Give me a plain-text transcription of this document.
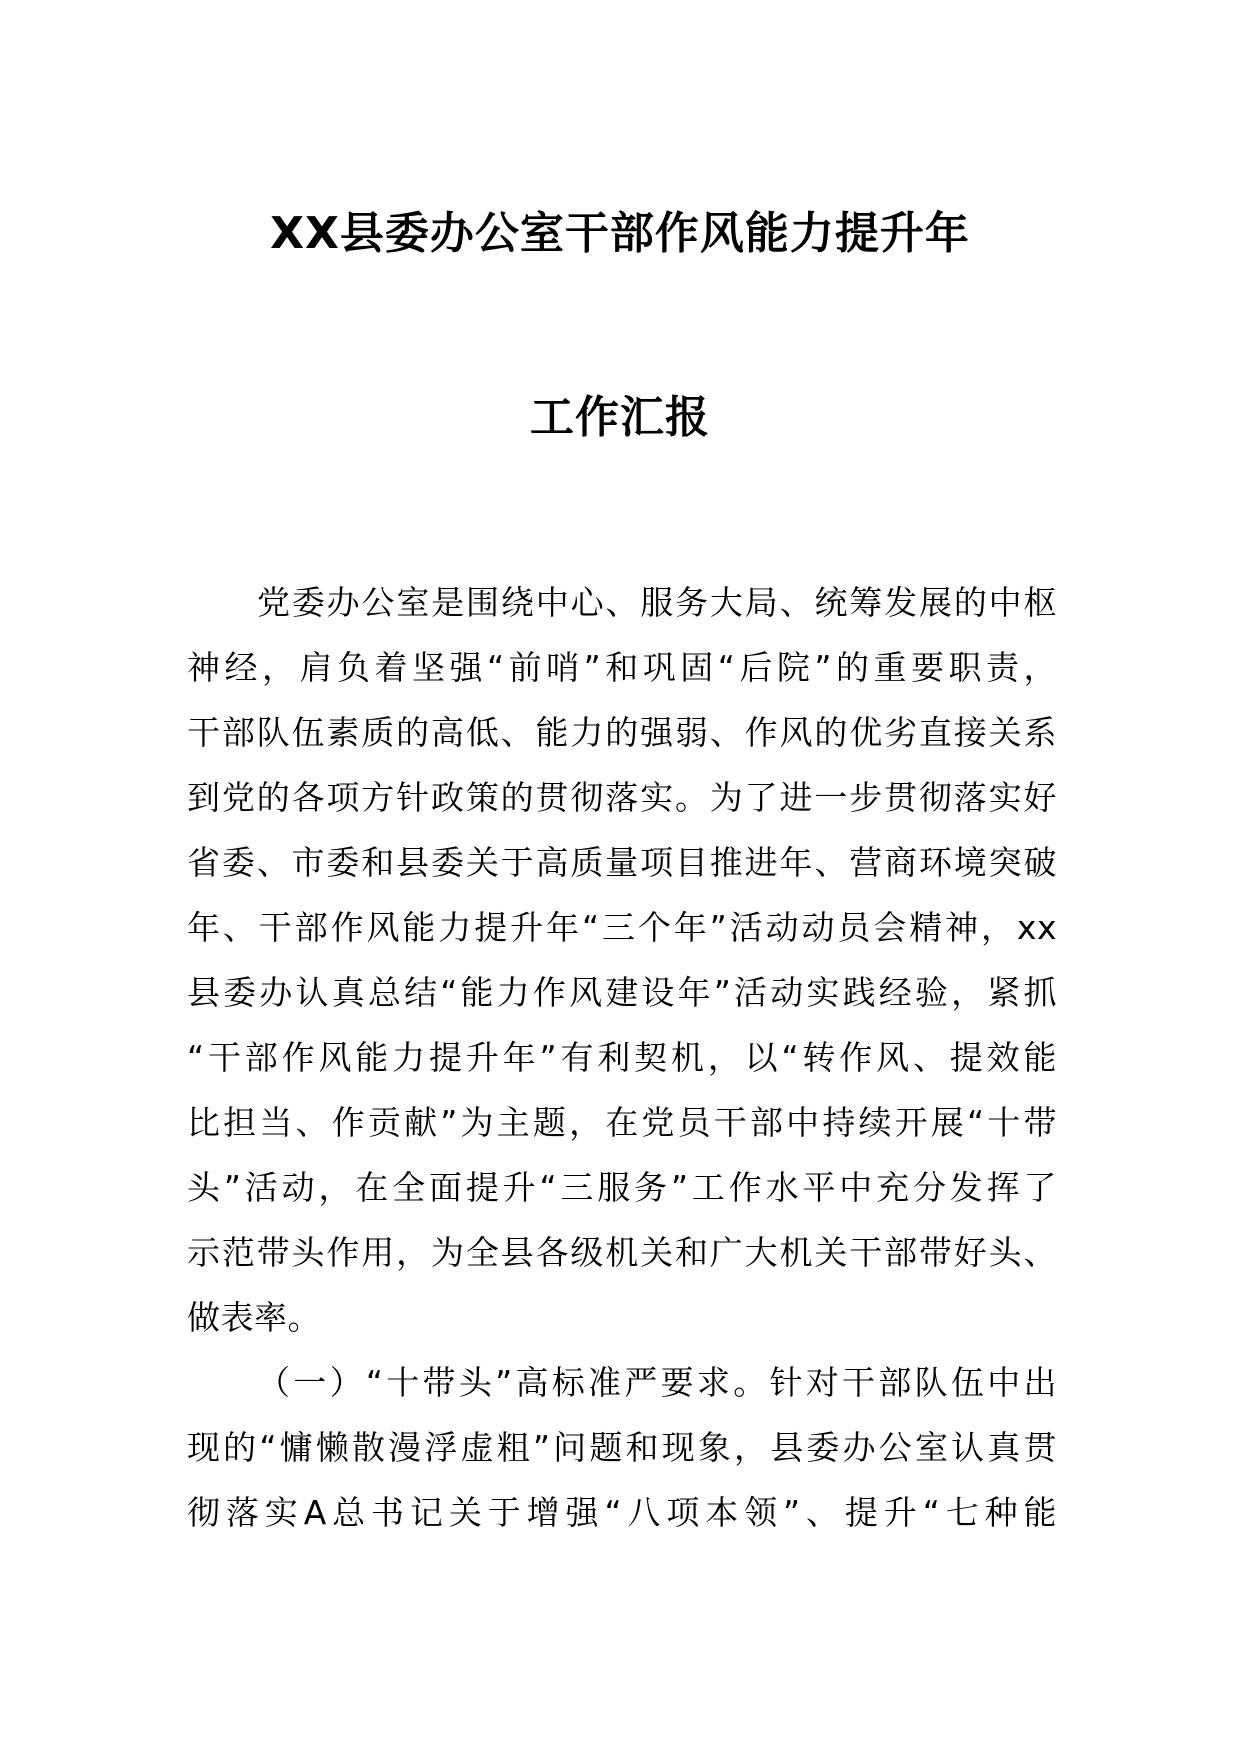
XX县委办公室干部作风能力提升年
工作汇报
党委办公室是围绕中心、服务大局、统筹发展的中枢
神经，肩负着坚强“前哨”和巩固“后院”的重要职责，
干部队伍素质的高低、能力的强弱、作风的优劣直接关系
到党的各项方针政策的贯彻落实。为了进一步贯彻落实好
省委、市委和县委关于高质量项目推进年、营商环境突破
年、干部作风能力提升年“三个年”活动动员会精神，xx
县委办认真总结“能力作风建设年”活动实践经验，紧抓
“干部作风能力提升年”有利契机，以“转作风、提效能
比担当、作贡献”为主题，在党员干部中持续开展“十带
头”活动，在全面提升“三服务”工作水平中充分发挥了
示范带头作用，为全县各级机关和广大机关干部带好头、
做表率。
（一）“十带头”高标准严要求。针对干部队伍中出
现的“慵懒散漫浮虚粗”问题和现象，县委办公室认真贯
彻落实A总书记关于增强“八项本领”、提升“七种能
